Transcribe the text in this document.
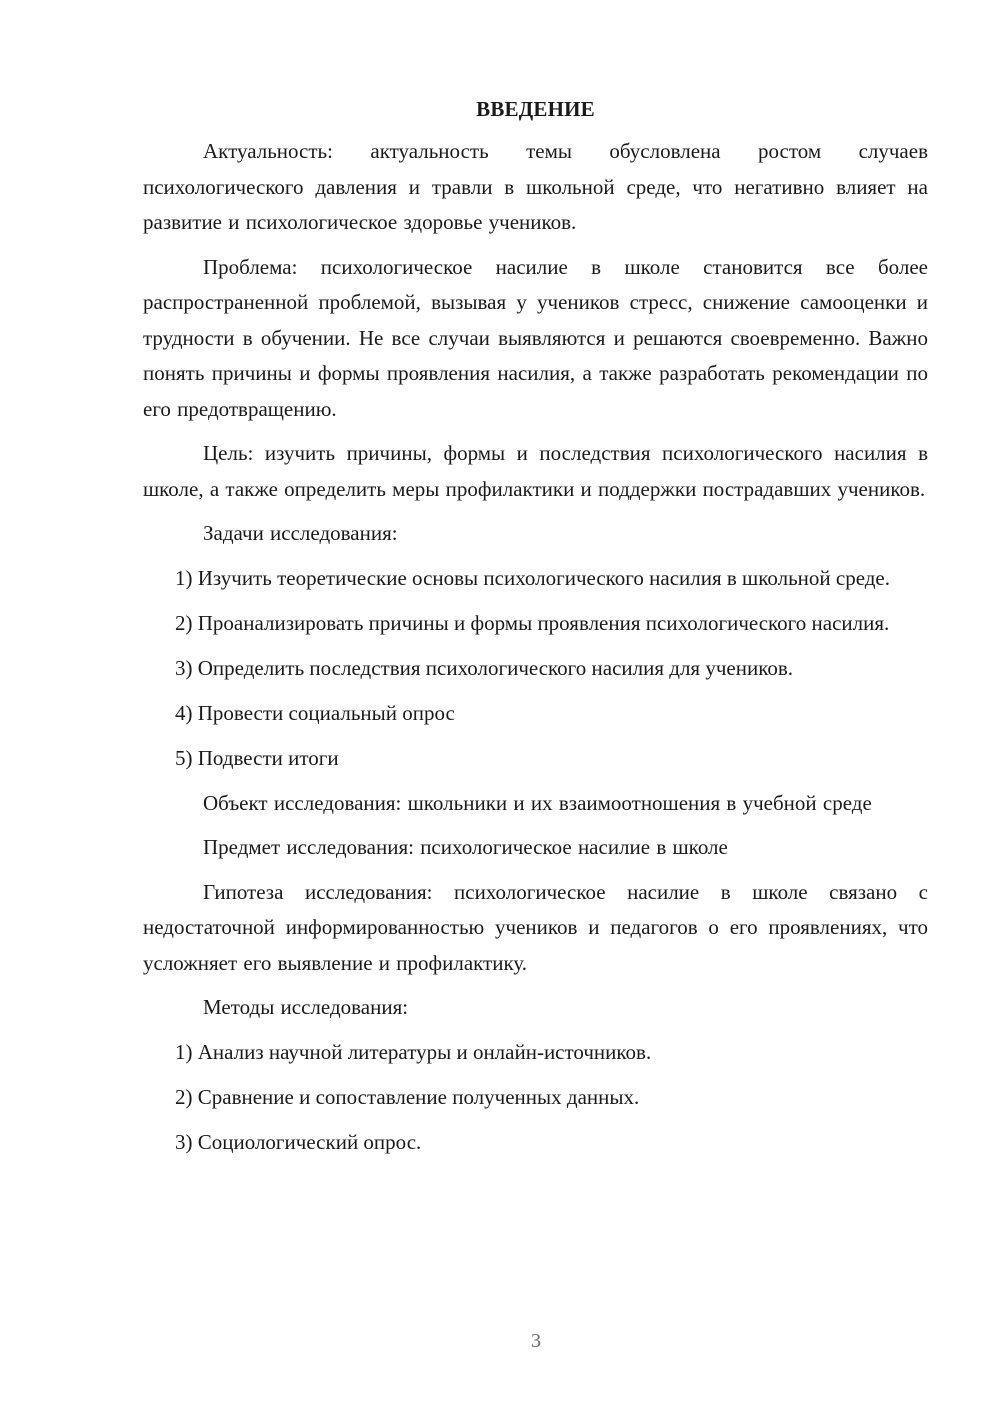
ВВЕДЕНИЕ

Актуальность: актуальность темы обусловлена ростом случаев психологического давления и травли в школьной среде, что негативно влияет на развитие и психологическое здоровье учеников.

Проблема: психологическое насилие в школе становится все более распространенной проблемой, вызывая у учеников стресс, снижение самооценки и трудности в обучении. Не все случаи выявляются и решаются своевременно. Важно понять причины и формы проявления насилия, а также разработать рекомендации по его предотвращению.

Цель: изучить причины, формы и последствия психологического насилия в школе, а также определить меры профилактики и поддержки пострадавших учеников.

Задачи исследования:

1) Изучить теоретические основы психологического насилия в школьной среде.

2) Проанализировать причины и формы проявления психологического насилия.

3) Определить последствия психологического насилия для учеников.

4) Провести социальный опрос

5) Подвести итоги

Объект исследования: школьники и их взаимоотношения в учебной среде

Предмет исследования: психологическое насилие в школе

Гипотеза исследования: психологическое насилие в школе связано с недостаточной информированностью учеников и педагогов о его проявлениях, что усложняет его выявление и профилактику.

Методы исследования:

1) Анализ научной литературы и онлайн-источников.

2) Сравнение и сопоставление полученных данных.

3) Социологический опрос.

3
